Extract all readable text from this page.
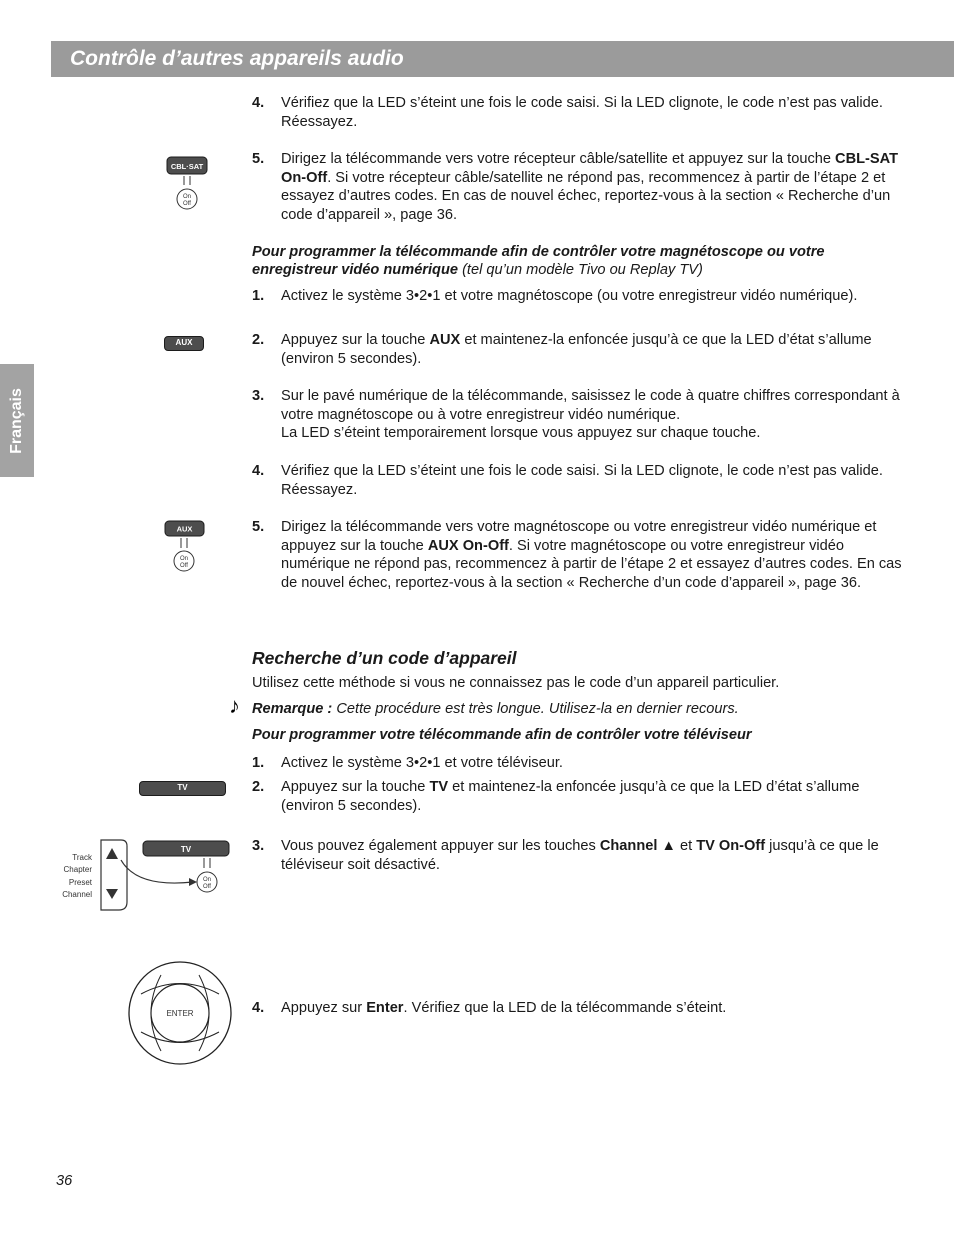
Contrôle d’autres appareils audio
Français
4. Vérifiez que la LED s’éteint une fois le code saisi. Si la LED clignote, le code n’est pas valide. Réessayez.
5. Dirigez la télécommande vers votre récepteur câble/satellite et appuyez sur la touche CBL-SAT On-Off. Si votre récepteur câble/satellite ne répond pas, recommencez à partir de l’étape 2 et essayez d’autres codes. En cas de nouvel échec, reportez-vous à la section « Recherche d’un code d’appareil », page 36.
CBL·SAT
On
Off
Pour programmer la télécommande afin de contrôler votre magnétoscope ou votre enregistreur vidéo numérique (tel qu’un modèle Tivo ou Replay TV)
1. Activez le système 3•2•1 et votre magnétoscope (ou votre enregistreur vidéo numérique).
2. Appuyez sur la touche AUX et maintenez-la enfoncée jusqu’à ce que la LED d’état s’allume (environ 5 secondes).
3. Sur le pavé numérique de la télécommande, saisissez le code à quatre chiffres correspondant à votre magnétoscope ou à votre enregistreur vidéo numérique.
La LED s’éteint temporairement lorsque vous appuyez sur chaque touche.
4. Vérifiez que la LED s’éteint une fois le code saisi. Si la LED clignote, le code n’est pas valide. Réessayez.
5. Dirigez la télécommande vers votre magnétoscope ou votre enregistreur vidéo numérique et appuyez sur la touche AUX On-Off. Si votre magnétoscope ou votre enregistreur vidéo numérique ne répond pas, recommencez à partir de l’étape 2 et essayez d’autres codes. En cas de nouvel échec, reportez-vous à la section « Recherche d’un code d’appareil », page 36.
AUX
AUX
On
Off
Recherche d’un code d’appareil
Utilisez cette méthode si vous ne connaissez pas le code d’un appareil particulier.
♪ Remarque : Cette procédure est très longue. Utilisez-la en dernier recours.
Pour programmer votre télécommande afin de contrôler votre téléviseur
1. Activez le système 3•2•1 et votre téléviseur.
2. Appuyez sur la touche TV et maintenez-la enfoncée jusqu’à ce que la LED d’état s’allume (environ 5 secondes).
3. Vous pouvez également appuyer sur les touches Channel ▲ et TV On-Off jusqu’à ce que le téléviseur soit désactivé.
4. Appuyez sur Enter. Vérifiez que la LED de la télécommande s’éteint.
TV
Track
Chapter
Preset
Channel
TV
On
Off
ENTER
36
